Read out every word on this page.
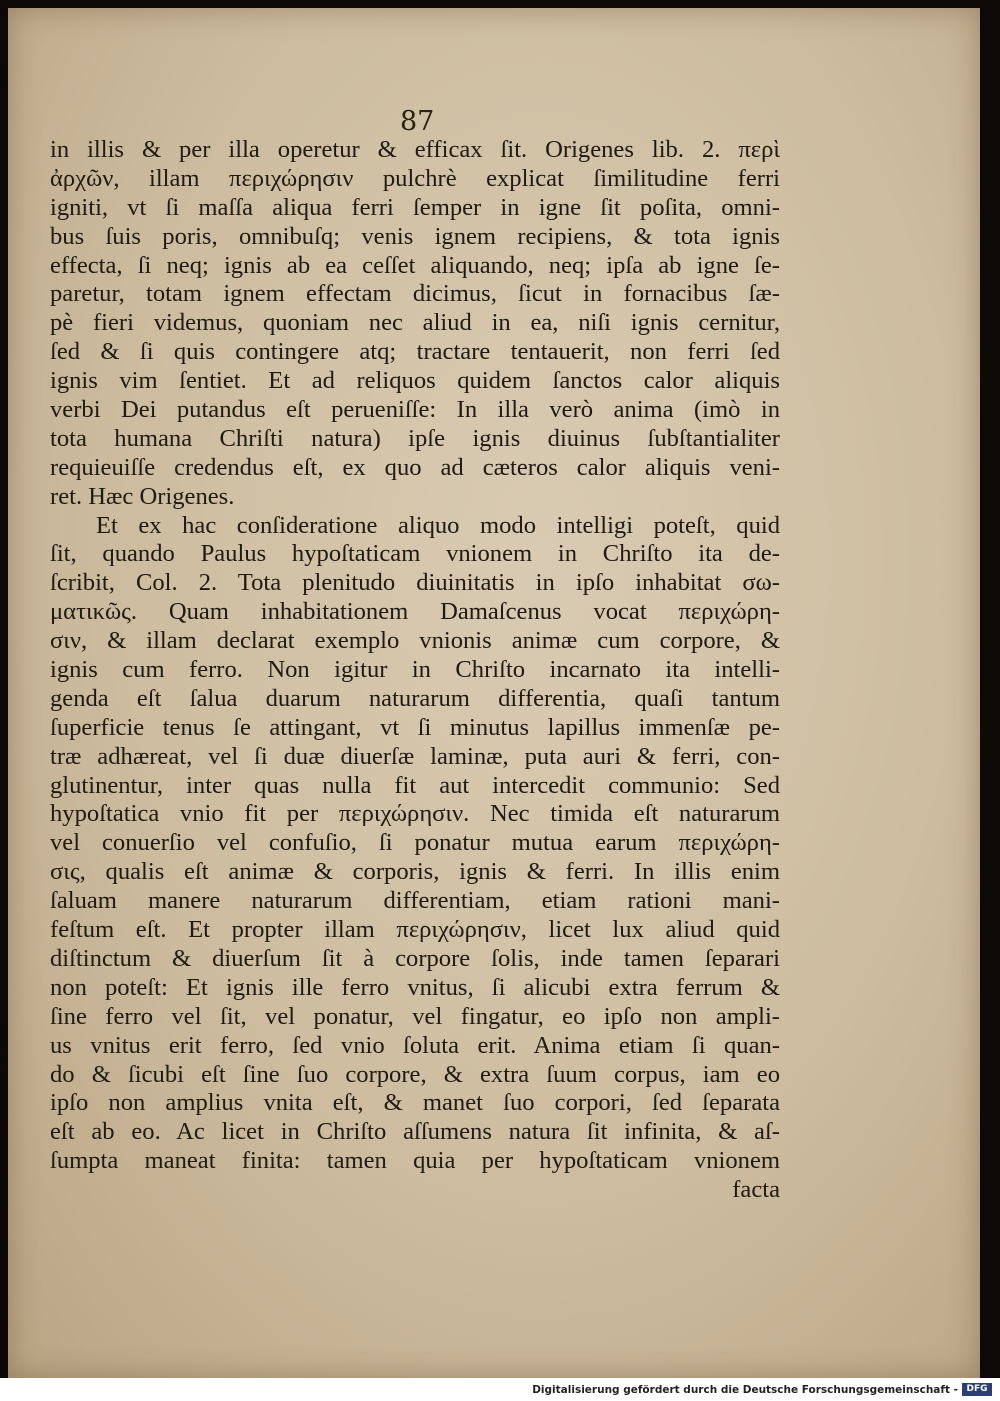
87
in illis & per illa operetur & efficax ſit. Origenes lib. 2. περὶ
ἀρχῶν, illam περιχώρησιν pulchrè explicat ſimilitudine ferri
igniti, vt ſi maſſa aliqua ferri ſemper in igne ſit poſita, omni-
bus ſuis poris, omnibuſq; venis ignem recipiens, & tota ignis
effecta, ſi neq; ignis ab ea ceſſet aliquando, neq; ipſa ab igne ſe-
paretur, totam ignem effectam dicimus, ſicut in fornacibus ſæ-
pè fieri videmus, quoniam nec aliud in ea, niſi ignis cernitur,
ſed & ſi quis contingere atq; tractare tentauerit, non ferri ſed
ignis vim ſentiet. Et ad reliquos quidem ſanctos calor aliquis
verbi Dei putandus eſt perueniſſe: In illa verò anima (imò in
tota humana Chriſti natura) ipſe ignis diuinus ſubſtantialiter
requieuiſſe credendus eſt, ex quo ad cæteros calor aliquis veni-
ret. Hæc Origenes.
Et ex hac conſideratione aliquo modo intelligi poteſt, quid
ſit, quando Paulus hypoſtaticam vnionem in Chriſto ita de-
ſcribit, Col. 2. Tota plenitudo diuinitatis in ipſo inhabitat σω-
ματικῶς. Quam inhabitationem Damaſcenus vocat περιχώρη-
σιν, & illam declarat exemplo vnionis animæ cum corpore, &
ignis cum ferro. Non igitur in Chriſto incarnato ita intelli-
genda eſt ſalua duarum naturarum differentia, quaſi tantum
ſuperficie tenus ſe attingant, vt ſi minutus lapillus immenſæ pe-
træ adhæreat, vel ſi duæ diuerſæ laminæ, puta auri & ferri, con-
glutinentur, inter quas nulla fit aut intercedit communio: Sed
hypoſtatica vnio fit per περιχώρησιν. Nec timida eſt naturarum
vel conuerſio vel confuſio, ſi ponatur mutua earum περιχώρη-
σις, qualis eſt animæ & corporis, ignis & ferri. In illis enim
ſaluam manere naturarum differentiam, etiam rationi mani-
feſtum eſt. Et propter illam περιχώρησιν, licet lux aliud quid
diſtinctum & diuerſum ſit à corpore ſolis, inde tamen ſeparari
non poteſt: Et ignis ille ferro vnitus, ſi alicubi extra ferrum &
ſine ferro vel ſit, vel ponatur, vel fingatur, eo ipſo non ampli-
us vnitus erit ferro, ſed vnio ſoluta erit. Anima etiam ſi quan-
do & ſicubi eſt ſine ſuo corpore, & extra ſuum corpus, iam eo
ipſo non amplius vnita eſt, & manet ſuo corpori, ſed ſeparata
eſt ab eo. Ac licet in Chriſto aſſumens natura ſit infinita, & aſ-
ſumpta maneat finita: tamen quia per hypoſtaticam vnionem
facta
Digitalisierung gefördert durch die Deutsche Forschungsgemeinschaft - DFG
